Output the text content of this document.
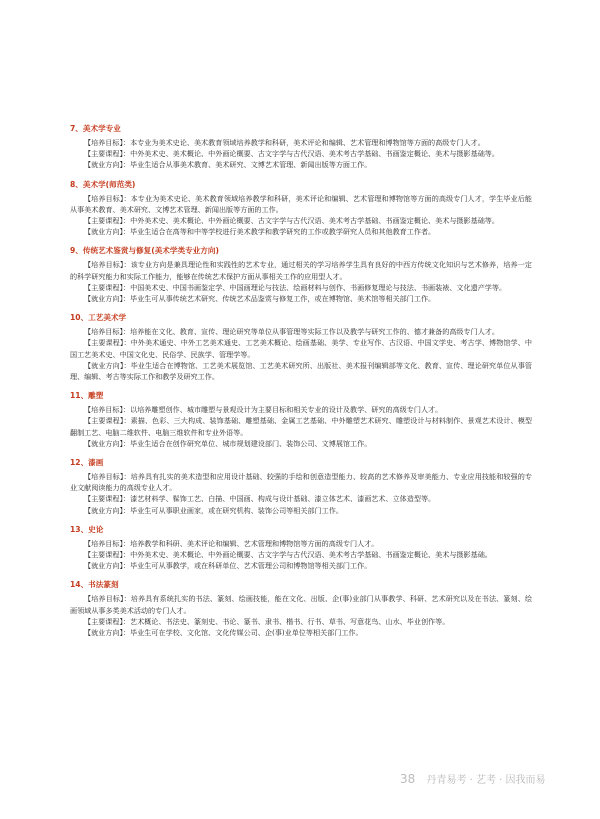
7、美术学专业

【培养目标】：本专业为美术史论、美术教育领域培养教学和科研，美术评论和编辑、艺术管理和博物馆等方面的高级专门人才。

【主要课程】：中外美术史、美术概论、中外画论概要、古文字学与古代汉语、美术考古学基础、书画鉴定概论、美术与摄影基础等。

【就业方向】：毕业生适合从事美术教育、美术研究、文博艺术管理、新闻出版等方面工作。

8、美术学(师范类)

【培养目标】：本专业为美术史论、美术教育领域培养教学和科研，美术评论和编辑、艺术管理和博物馆等方面的高级专门人才，学生毕业后能从事美术教育、美术研究、文博艺术管理、新闻出版等方面的工作。

【主要课程】：中外美术史、美术概论、中外画论概要、古文字学与古代汉语、美术考古学基础、书画鉴定概论、美术与摄影基础等。

【就业方向】：毕业生适合在高等和中等学校进行美术教学和教学研究的工作或教学研究人员和其他教育工作者。

9、传统艺术鉴赏与修复(美术学类专业方向)

【培养目标】：该专业方向是兼具理论性和实践性的艺术专业，通过相关的学习培养学生具有良好的中西方传统文化知识与艺术修养，培养一定的科学研究能力和实际工作能力，能够在传统艺术保护方面从事相关工作的应用型人才。

【主要课程】：中国美术史、中国书画鉴定学、中国画理论与技法、绘画材料与创作、书画修复理论与技法、书画装裱、文化遗产学等。

【就业方向】：毕业生可从事传统艺术研究、传统艺术品鉴赏与修复工作，或在博物馆、美术馆等相关部门工作。

10、工艺美术学

【培养目标】：培养能在文化、教育、宣传、理论研究等单位从事管理等实际工作以及教学与研究工作的、德才兼备的高级专门人才。

【主要课程】：中外美术通史、中外工艺美术通史、工艺美术概论、绘画基础、美学、专业写作、古汉语、中国文学史、考古学、博物馆学、中国工艺美术史、中国文化史、民俗学、民族学、管理学等。

【就业方向】：毕业生适合在博物馆、工艺美术展览馆、工艺美术研究所、出版社、美术报刊编辑部等文化、教育、宣传、理论研究单位从事管理、编辑、考古等实际工作和教学及研究工作。

11、雕塑

【培养目标】：以培养雕塑创作、城市雕塑与景观设计为主要目标和相关专业的设计及教学、研究的高级专门人才。

【主要课程】：素描、色彩、三大构成、装饰基础、雕塑基础、金属工艺基础、中外雕塑艺术研究、雕塑设计与材料制作、景观艺术设计、模型翻制工艺、电脑二维软件、电脑三维软件和专业外语等。

【就业方向】：毕业生适合在创作研究单位、城市规划建设部门、装饰公司、文博展馆工作。

12、漆画

【培养目标】：培养具有扎实的美术造型和应用设计基础、较强的手绘和创意造型能力、较高的艺术修养及审美能力、专业应用技能和较强的专业文献阅读能力的高级专业人才。

【主要课程】：漆艺材料学、髹饰工艺、白描、中国画、构成与设计基础、漆立体艺术、漆画艺术、立体造型等。

【就业方向】：毕业生可从事职业画家，或在研究机构、装饰公司等相关部门工作。

13、史论

【培养目标】：培养教学和科研、美术评论和编辑、艺术管理和博物馆等方面的高级专门人才。

【主要课程】：中外美术史、美术概论、中外画论概要、古文字学与古代汉语、美术考古学基础、书画鉴定概论、美术与摄影基础。

【就业方向】：毕业生可从事教学，或在科研单位、艺术管理公司和博物馆等相关部门工作。

14、书法篆刻

【培养目标】：培养具有系统扎实的书法、篆刻、绘画技能，能在文化、出版、企(事)业部门从事教学、科研、艺术研究以及在书法、篆刻、绘画领域从事多类美术活动的专门人才。

【主要课程】：艺术概论、书法史、篆刻史、书论、篆书、隶书、楷书、行书、草书、写意花鸟、山水、毕业创作等。

【就业方向】：毕业生可在学校、文化馆、文化传媒公司、企(事)业单位等相关部门工作。

38 丹青易考 · 艺考 · 因我而易
